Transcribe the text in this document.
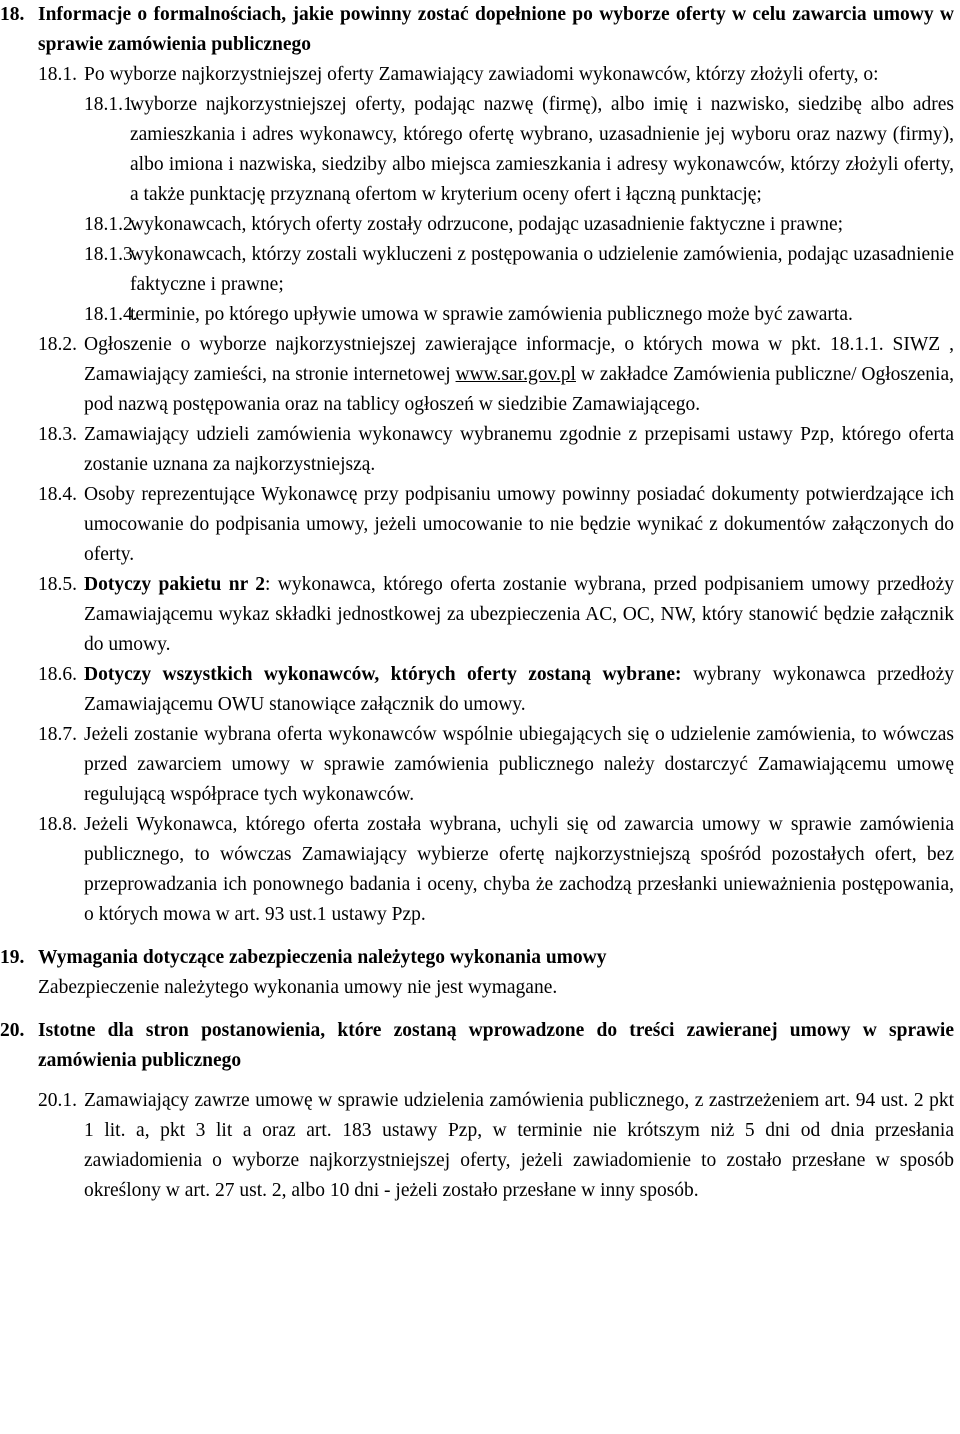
18. Informacje o formalnościach, jakie powinny zostać dopełnione po wyborze oferty w celu zawarcia umowy w sprawie zamówienia publicznego
18.1. Po wyborze najkorzystniejszej oferty Zamawiający zawiadomi wykonawców, którzy złożyli oferty, o:
18.1.1.
wyborze najkorzystniejszej oferty, podając nazwę (firmę), albo imię i nazwisko, siedzibę albo adres zamieszkania i adres wykonawcy, którego ofertę wybrano, uzasadnienie jej wyboru oraz nazwy (firmy), albo imiona i nazwiska, siedziby albo miejsca zamieszkania i adresy wykonawców, którzy złożyli oferty, a także punktację przyznaną ofertom w kryterium oceny ofert i łączną punktację;
18.1.2.
wykonawcach, których oferty zostały odrzucone, podając uzasadnienie faktyczne i prawne;
18.1.3.
wykonawcach, którzy zostali wykluczeni z postępowania o udzielenie zamówienia, podając uzasadnienie faktyczne i prawne;
18.1.4.
terminie, po którego upływie umowa w sprawie zamówienia publicznego może być zawarta.
18.2. Ogłoszenie o wyborze najkorzystniejszej zawierające informacje, o których mowa w pkt. 18.1.1. SIWZ , Zamawiający zamieści, na stronie internetowej www.sar.gov.pl w zakładce Zamówienia publiczne/ Ogłoszenia, pod nazwą postępowania oraz na tablicy ogłoszeń w siedzibie Zamawiającego.
18.3. Zamawiający udzieli zamówienia wykonawcy wybranemu zgodnie z przepisami ustawy Pzp, którego oferta zostanie uznana za najkorzystniejszą.
18.4. Osoby reprezentujące Wykonawcę przy podpisaniu umowy powinny posiadać dokumenty potwierdzające ich umocowanie do podpisania umowy, jeżeli umocowanie to nie będzie wynikać z dokumentów załączonych do oferty.
18.5. Dotyczy pakietu nr 2: wykonawca, którego oferta zostanie wybrana, przed podpisaniem umowy przedłoży Zamawiającemu wykaz składki jednostkowej za ubezpieczenia AC, OC, NW, który stanowić będzie załącznik do umowy.
18.6. Dotyczy wszystkich wykonawców, których oferty zostaną wybrane: wybrany wykonawca przedłoży Zamawiającemu OWU stanowiące załącznik do umowy.
18.7. Jeżeli zostanie wybrana oferta wykonawców wspólnie ubiegających się o udzielenie zamówienia, to wówczas przed zawarciem umowy w sprawie zamówienia publicznego należy dostarczyć Zamawiającemu umowę regulującą współprace tych wykonawców.
18.8. Jeżeli Wykonawca, którego oferta została wybrana, uchyli się od zawarcia umowy w sprawie zamówienia publicznego, to wówczas Zamawiający wybierze ofertę najkorzystniejszą spośród pozostałych ofert, bez przeprowadzania ich ponownego badania i oceny, chyba że zachodzą przesłanki unieważnienia postępowania, o których mowa w art. 93 ust.1 ustawy Pzp.
19. Wymagania dotyczące zabezpieczenia należytego wykonania umowy
Zabezpieczenie należytego wykonania umowy nie jest wymagane.
20. Istotne dla stron postanowienia, które zostaną wprowadzone do treści zawieranej umowy w sprawie zamówienia publicznego
20.1. Zamawiający zawrze umowę w sprawie udzielenia zamówienia publicznego, z zastrzeżeniem art. 94 ust. 2 pkt 1 lit. a, pkt 3 lit a oraz art. 183 ustawy Pzp, w terminie nie krótszym niż 5 dni od dnia przesłania zawiadomienia o wyborze najkorzystniejszej oferty, jeżeli zawiadomienie to zostało przesłane w sposób określony w art. 27 ust. 2, albo 10 dni - jeżeli zostało przesłane w inny sposób.
